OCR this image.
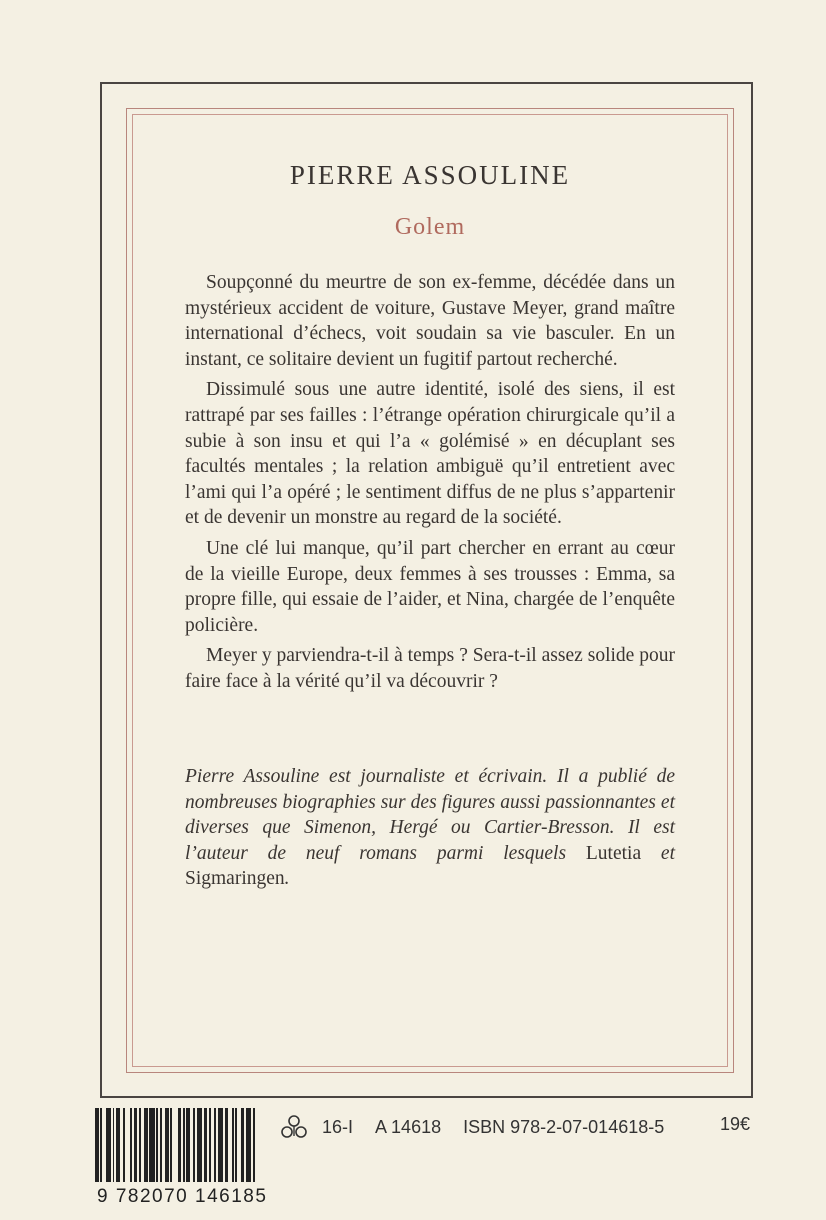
PIERRE ASSOULINE
Golem

Soupçonné du meurtre de son ex-femme, décédée dans un mystérieux accident de voiture, Gustave Meyer, grand maître international d’échecs, voit soudain sa vie basculer. En un instant, ce solitaire devient un fugitif partout recherché.

Dissimulé sous une autre identité, isolé des siens, il est rattrapé par ses failles : l’étrange opération chirurgicale qu’il a subie à son insu et qui l’a « golémisé » en décuplant ses facultés mentales ; la relation ambiguë qu’il entretient avec l’ami qui l’a opéré ; le sentiment diffus de ne plus s’appartenir et de devenir un monstre au regard de la société.

Une clé lui manque, qu’il part chercher en errant au cœur de la vieille Europe, deux femmes à ses trousses : Emma, sa propre fille, qui essaie de l’aider, et Nina, chargée de l’enquête policière.

Meyer y parviendra-t-il à temps ? Sera-t-il assez solide pour faire face à la vérité qu’il va découvrir ?

Pierre Assouline est journaliste et écrivain. Il a publié de nombreuses biographies sur des figures aussi passionnantes et diverses que Simenon, Hergé ou Cartier-Bresson. Il est l’auteur de neuf romans parmi lesquels Lutetia et Sigmaringen.

9 782070 146185
16-I A 14618 ISBN 978-2-07-014618-5	19€
